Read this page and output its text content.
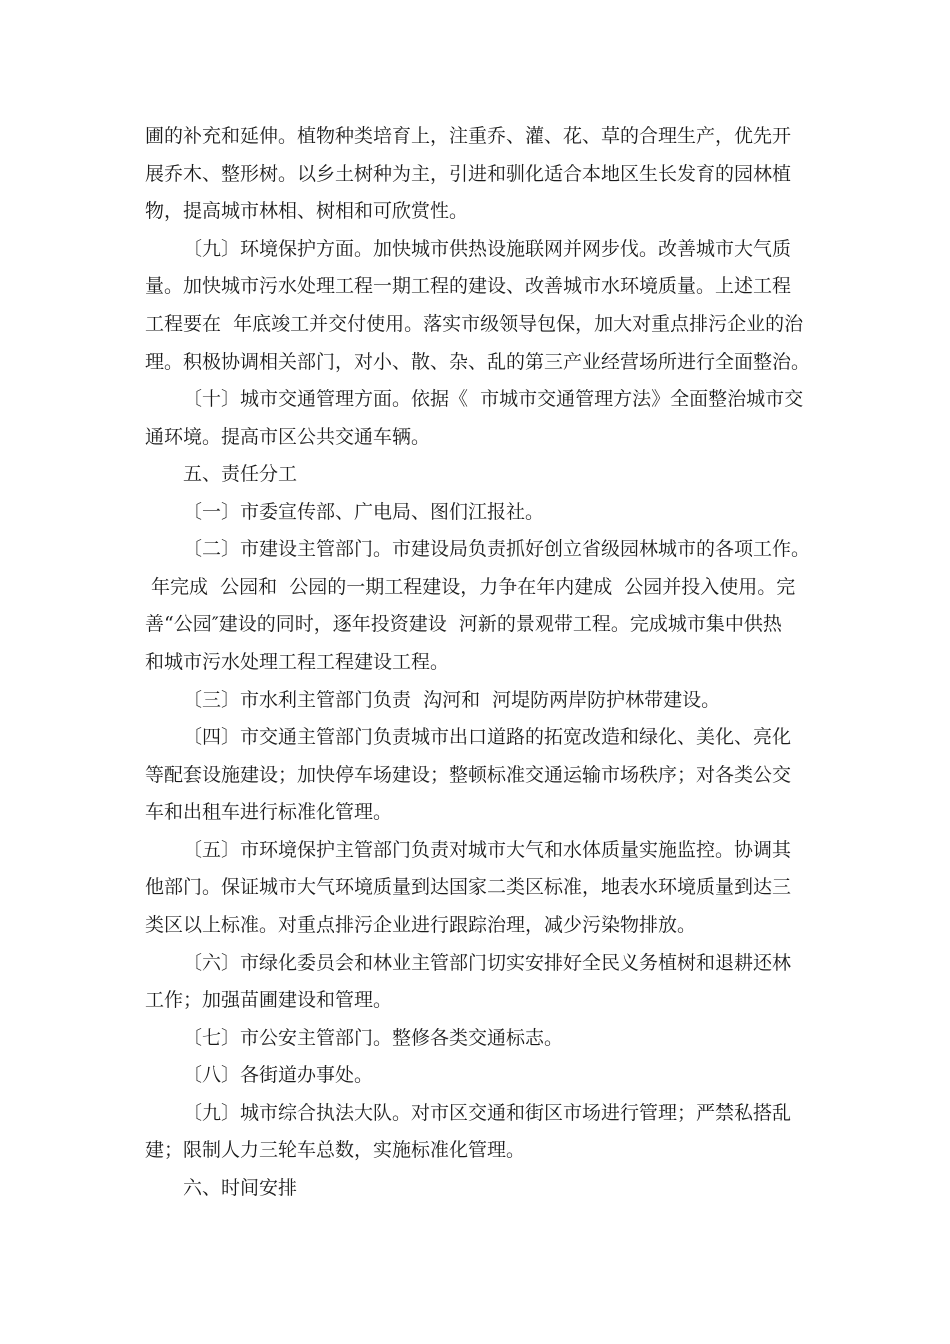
圃的补充和延伸。植物种类培育上，注重乔、灌、花、草的合理生产，优先开
展乔木、整形树。以乡土树种为主，引进和驯化适合本地区生长发育的园林植
物，提高城市林相、树相和可欣赏性。
〔九〕环境保护方面。加快城市供热设施联网并网步伐。改善城市大气质
量。加快城市污水处理工程一期工程的建设、改善城市水环境质量。上述工程
工程要在  年底竣工并交付使用。落实市级领导包保，加大对重点排污企业的治
理。积极协调相关部门，对小、散、杂、乱的第三产业经营场所进行全面整治。
〔十〕城市交通管理方面。依据《  市城市交通管理方法》全面整治城市交
通环境。提高市区公共交通车辆。
五、责任分工
〔一〕市委宣传部、广电局、图们江报社。
〔二〕市建设主管部门。市建设局负责抓好创立省级园林城市的各项工作。
年完成  公园和  公园的一期工程建设，力争在年内建成  公园并投入使用。完
善“公园″建设的同时，逐年投资建设  河新的景观带工程。完成城市集中供热
和城市污水处理工程工程建设工程。
〔三〕市水利主管部门负责  沟河和  河堤防两岸防护林带建设。
〔四〕市交通主管部门负责城市出口道路的拓宽改造和绿化、美化、亮化
等配套设施建设；加快停车场建设；整顿标准交通运输市场秩序；对各类公交
车和出租车进行标准化管理。
〔五〕市环境保护主管部门负责对城市大气和水体质量实施监控。协调其
他部门。保证城市大气环境质量到达国家二类区标准，地表水环境质量到达三
类区以上标准。对重点排污企业进行跟踪治理，减少污染物排放。
〔六〕市绿化委员会和林业主管部门切实安排好全民义务植树和退耕还林
工作；加强苗圃建设和管理。
〔七〕市公安主管部门。整修各类交通标志。
〔八〕各街道办事处。
〔九〕城市综合执法大队。对市区交通和街区市场进行管理；严禁私搭乱
建；限制人力三轮车总数，实施标准化管理。
六、时间安排
